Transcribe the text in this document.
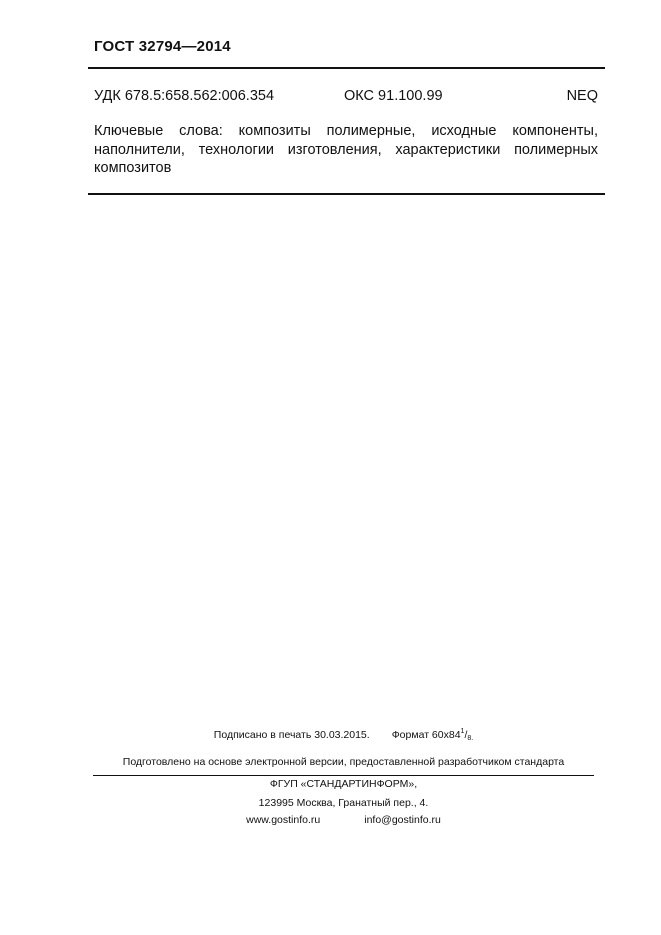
ГОСТ 32794—2014
УДК 678.5:658.562:006.354	ОКС 91.100.99	NEQ

Ключевые слова: композиты полимерные, исходные компоненты, наполнители, технологии изготовления, характеристики полимерных композитов

Подписано в печать 30.03.2015. Формат $60х84^1/8$.
Подготовлено на основе электронной версии, предоставленной разработчиком стандарта
ФГУП «СТАНДАРТИНФОРМ»,
123995 Москва, Гранатный пер., 4.
www.gostinfo.ru	info@gostinfo.ru
